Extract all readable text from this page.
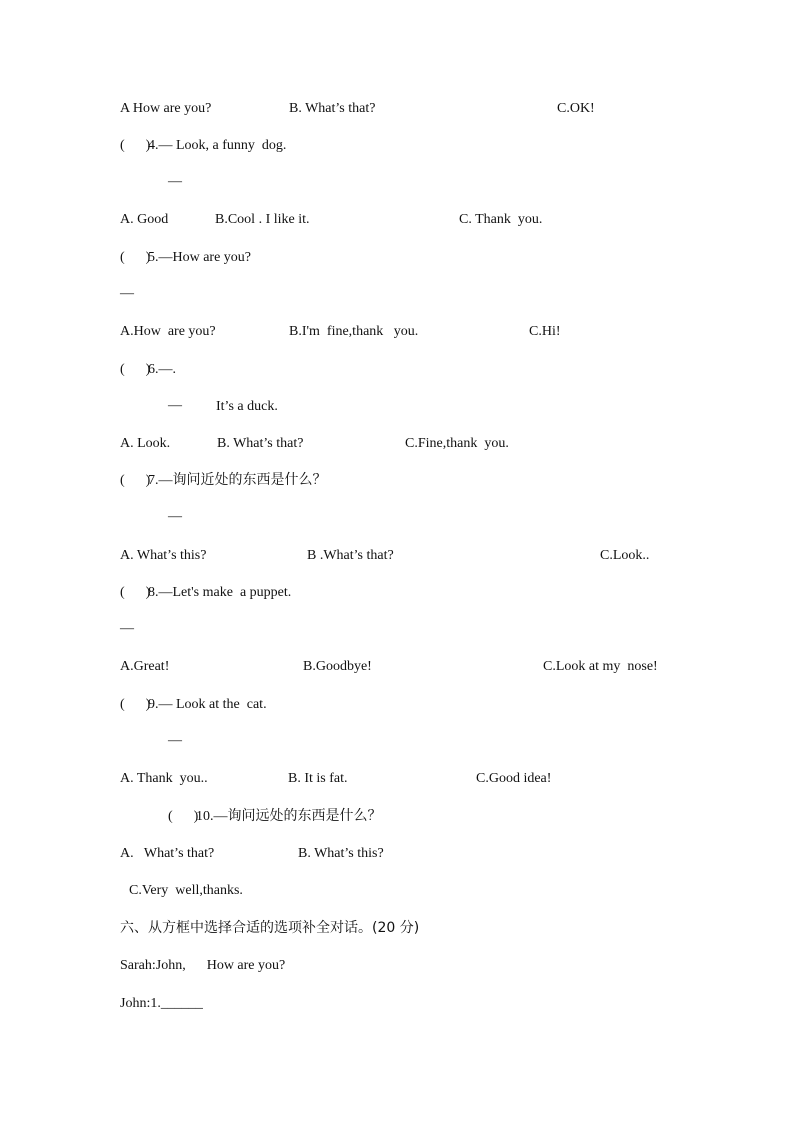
A How are you?	B. What’s that?	C.OK!
(      )
4.— Look, a funny  dog.
—
A. Good	B.Cool . I like it.	C. Thank  you.
(      )
5.—How are you?
—
A.How  are you?	B.I'm  fine,thank   you.	C.Hi!
(      )
6.—.
— It’s a duck.
A. Look.	B. What’s that?	C.Fine,thank  you.
(      )
7.—询问近处的东西是什么？
—
A. What’s this?	B .What’s that?	C.Look..
(      )
8.—Let's make  a puppet.
—
A.Great!	B.Goodbye!	C.Look at my  nose!
(      )
9.— Look at the  cat.
—
A. Thank  you..	B. It is fat.	C.Good idea!
(      )
10.—询问远处的东西是什么？
A.   What’s that?	B. What’s this?
C.Very  well,thanks.
六、从方框中选择合适的选项补全对话。(20 分)
Sarah:John,      How are you?
John:1.______
